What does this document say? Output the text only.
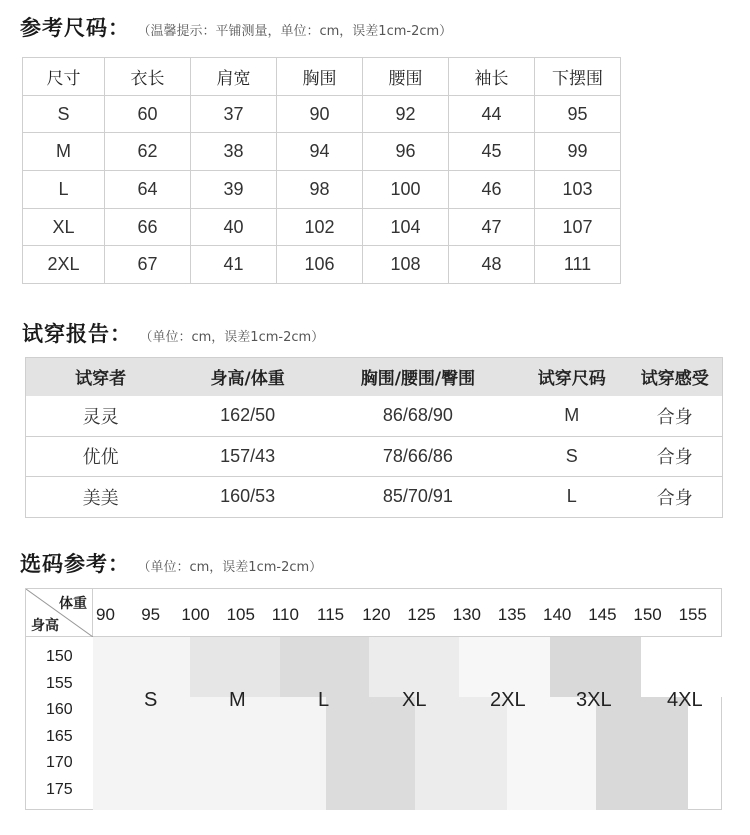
参考尺码： （温馨提示：平铺测量，单位：cm，误差1cm-2cm）
尺寸	衣长	肩宽	胸围	腰围	袖长	下摆围
S	60	37	90	92	44	95
M	62	38	94	96	45	99
L	64	39	98	100	46	103
XL	66	40	102	104	47	107
2XL	67	41	106	108	48	111
试穿报告： （单位：cm，误差1cm-2cm）
试穿者	身高/体重	胸围/腰围/臀围	试穿尺码	试穿感受
灵灵	162/50	86/68/90	M	合身
优优	157/43	78/66/86	S	合身
美美	160/53	85/70/91	L	合身
选码参考： （单位：cm，误差1cm-2cm）
体重
身高
90 95 100 105 110 115 120 125 130 135 140 145 150 155
150
155
160
165
170
175
S	M	L	XL	2XL	3XL	4XL
